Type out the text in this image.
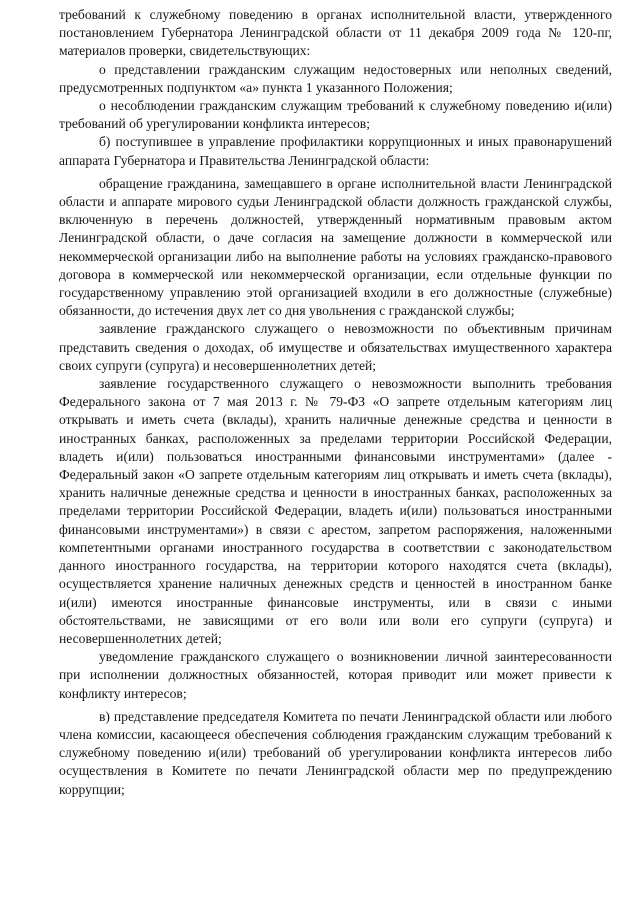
требований к служебному поведению в органах исполнительной власти, утвержденного постановлением Губернатора Ленинградской области от 11 декабря 2009 года № 120-пг, материалов проверки, свидетельствующих:

о представлении гражданским служащим недостоверных или неполных сведений, предусмотренных подпунктом «а» пункта 1 указанного Положения;

о несоблюдении гражданским служащим требований к служебному поведению и(или) требований об урегулировании конфликта интересов;

б) поступившее в управление профилактики коррупционных и иных правонарушений аппарата Губернатора и Правительства Ленинградской области:

обращение гражданина, замещавшего в органе исполнительной власти Ленинградской области и аппарате мирового судьи Ленинградской области должность гражданской службы, включенную в перечень должностей, утвержденный нормативным правовым актом Ленинградской области, о даче согласия на замещение должности в коммерческой или некоммерческой организации либо на выполнение работы на условиях гражданско-правового договора в коммерческой или некоммерческой организации, если отдельные функции по государственному управлению этой организацией входили в его должностные (служебные) обязанности, до истечения двух лет со дня увольнения с гражданской службы;

заявление гражданского служащего о невозможности по объективным причинам представить сведения о доходах, об имуществе и обязательствах имущественного характера своих супруги (супруга) и несовершеннолетних детей;

заявление государственного служащего о невозможности выполнить требования Федерального закона от 7 мая 2013 г. № 79-ФЗ «О запрете отдельным категориям лиц открывать и иметь счета (вклады), хранить наличные денежные средства и ценности в иностранных банках, расположенных за пределами территории Российской Федерации, владеть и(или) пользоваться иностранными финансовыми инструментами» (далее - Федеральный закон «О запрете отдельным категориям лиц открывать и иметь счета (вклады), хранить наличные денежные средства и ценности в иностранных банках, расположенных за пределами территории Российской Федерации, владеть и(или) пользоваться иностранными финансовыми инструментами») в связи с арестом, запретом распоряжения, наложенными компетентными органами иностранного государства в соответствии с законодательством данного иностранного государства, на территории которого находятся счета (вклады), осуществляется хранение наличных денежных средств и ценностей в иностранном банке и(или) имеются иностранные финансовые инструменты, или в связи с иными обстоятельствами, не зависящими от его воли или воли его супруги (супруга) и несовершеннолетних детей;

уведомление гражданского служащего о возникновении личной заинтересованности при исполнении должностных обязанностей, которая приводит или может привести к конфликту интересов;

в) представление председателя Комитета по печати Ленинградской области или любого члена комиссии, касающееся обеспечения соблюдения гражданским служащим требований к служебному поведению и(или) требований об урегулировании конфликта интересов либо осуществления в Комитете по печати Ленинградской области мер по предупреждению коррупции;
